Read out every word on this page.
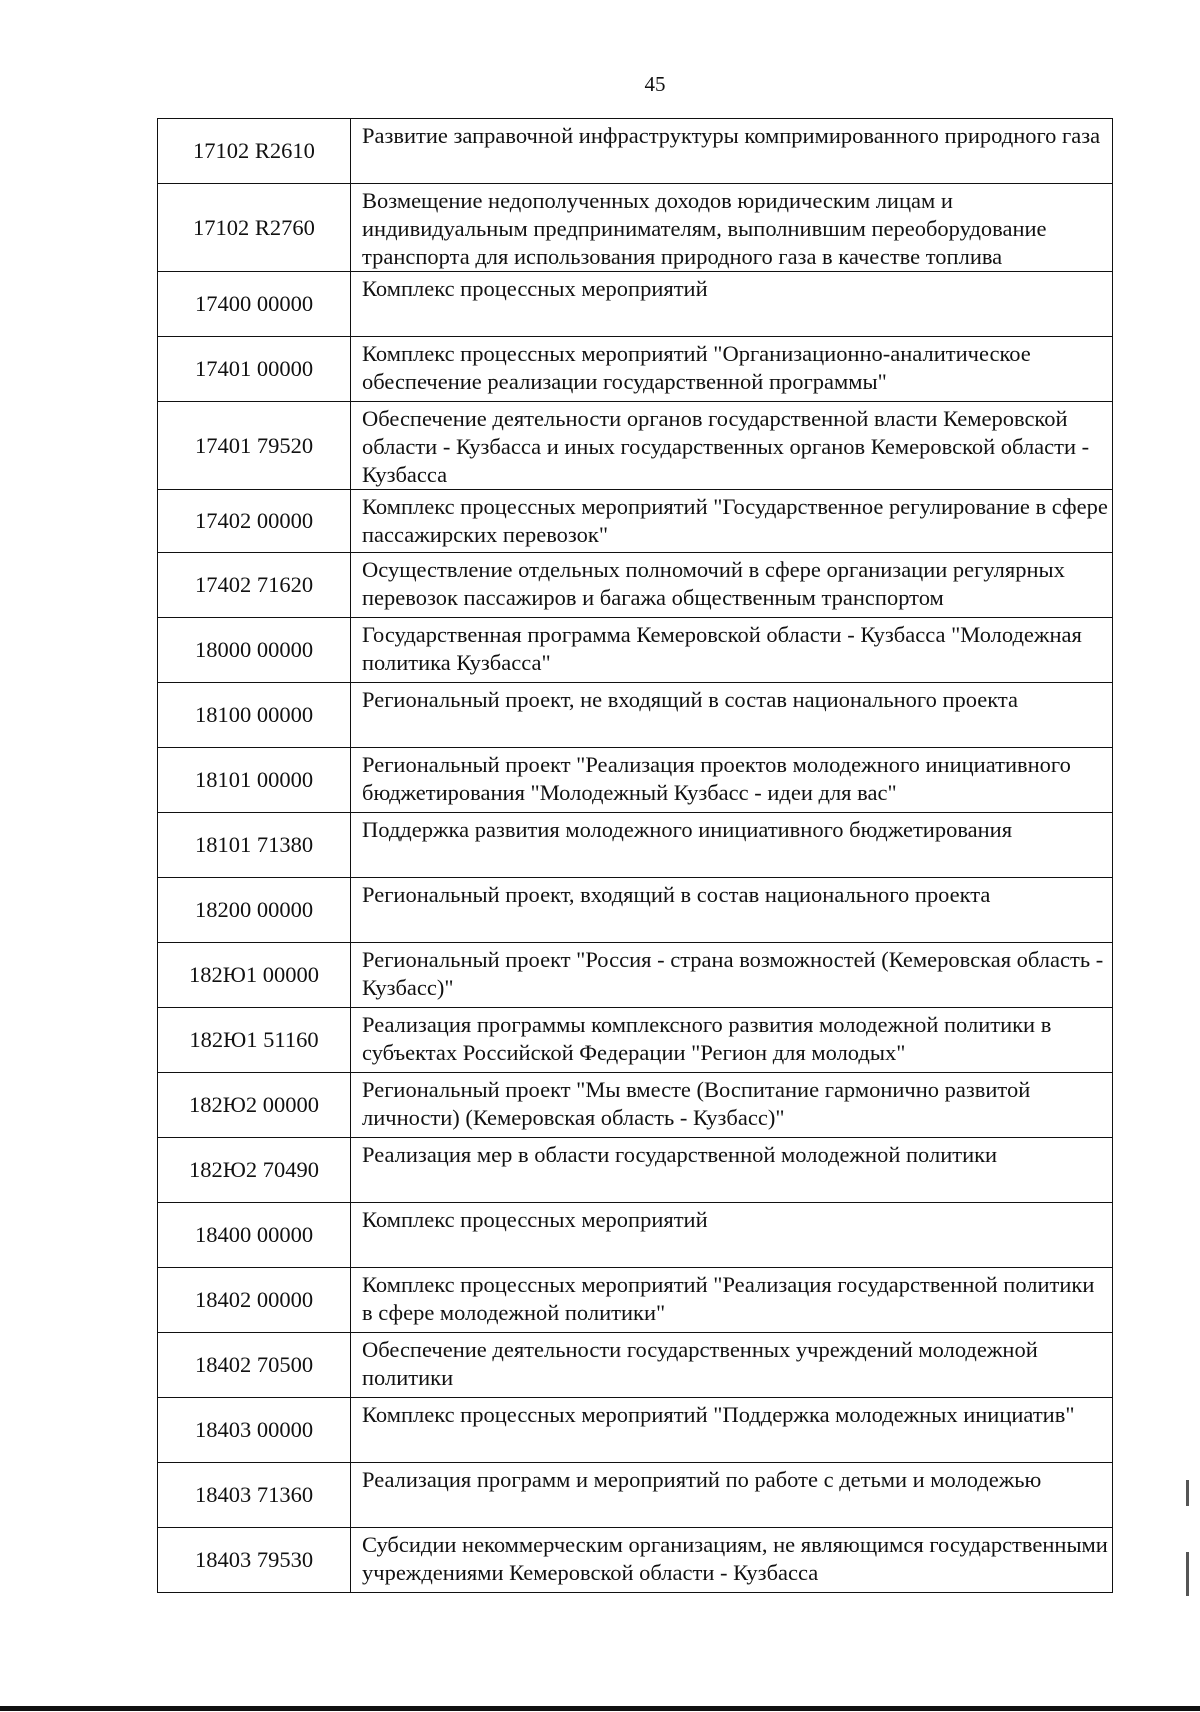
45
17102 R2610	Развитие заправочной инфраструктуры компримированного природного газа
17102 R2760	Возмещение недополученных доходов юридическим лицам и индивидуальным предпринимателям, выполнившим переоборудование транспорта для использования природного газа в качестве топлива
17400 00000	Комплекс процессных мероприятий
17401 00000	Комплекс процессных мероприятий "Организационно-аналитическое обеспечение реализации государственной программы"
17401 79520	Обеспечение деятельности органов государственной власти Кемеровской области - Кузбасса и иных государственных органов Кемеровской области - Кузбасса
17402 00000	Комплекс процессных мероприятий "Государственное регулирование в сфере пассажирских перевозок"
17402 71620	Осуществление отдельных полномочий в сфере организации регулярных перевозок пассажиров и багажа общественным транспортом
18000 00000	Государственная программа Кемеровской области - Кузбасса "Молодежная политика Кузбасса"
18100 00000	Региональный проект, не входящий в состав национального проекта
18101 00000	Региональный проект "Реализация проектов молодежного инициативного бюджетирования "Молодежный Кузбасс - идеи для вас"
18101 71380	Поддержка развития молодежного инициативного бюджетирования
18200 00000	Региональный проект, входящий в состав национального проекта
182Ю1 00000	Региональный проект "Россия - страна возможностей (Кемеровская область - Кузбасс)"
182Ю1 51160	Реализация программы комплексного развития молодежной политики в субъектах Российской Федерации "Регион для молодых"
182Ю2 00000	Региональный проект "Мы вместе (Воспитание гармонично развитой личности) (Кемеровская область - Кузбасс)"
182Ю2 70490	Реализация мер в области государственной молодежной политики
18400 00000	Комплекс процессных мероприятий
18402 00000	Комплекс процессных мероприятий "Реализация государственной политики в сфере молодежной политики"
18402 70500	Обеспечение деятельности государственных учреждений молодежной политики
18403 00000	Комплекс процессных мероприятий "Поддержка молодежных инициатив"
18403 71360	Реализация программ и мероприятий по работе с детьми и молодежью
18403 79530	Субсидии некоммерческим организациям, не являющимся государственными учреждениями Кемеровской области - Кузбасса
